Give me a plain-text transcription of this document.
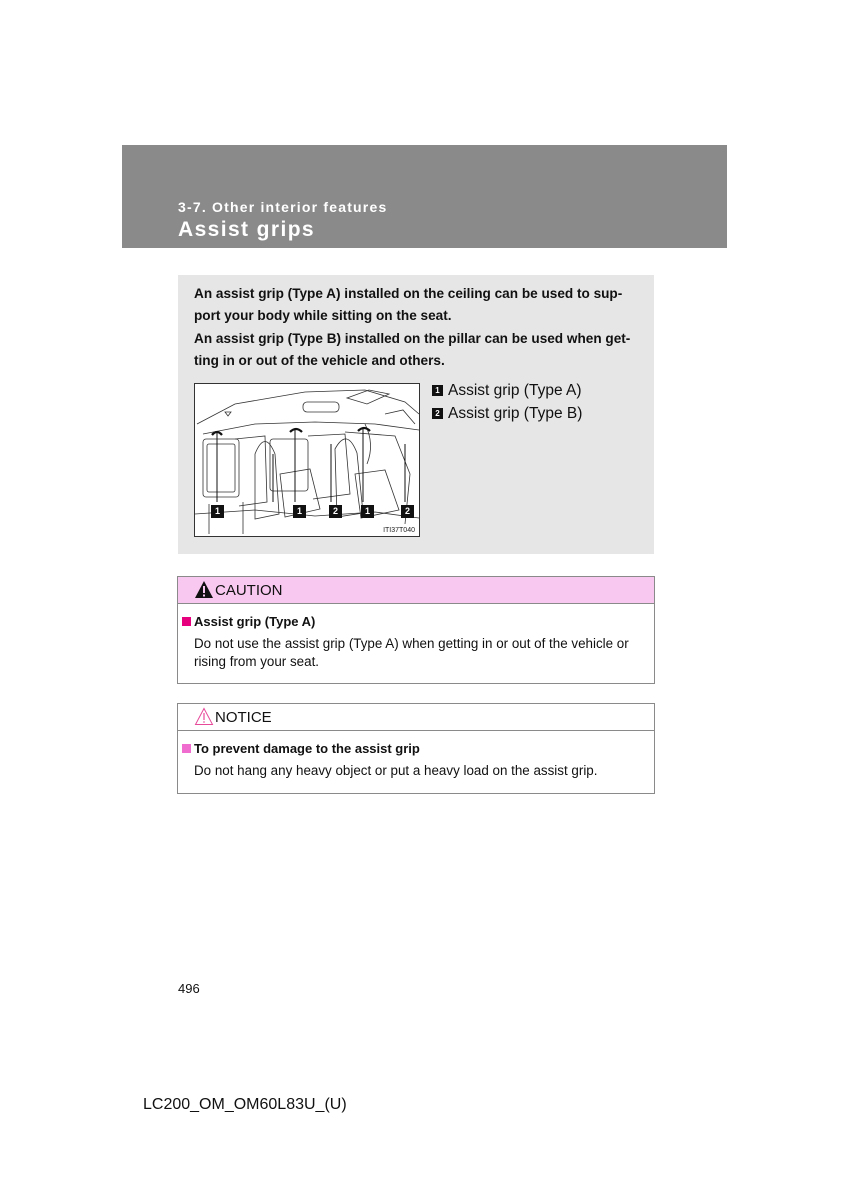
3-7. Other interior features
Assist grips

An assist grip (Type A) installed on the ceiling can be used to sup- port your body while sitting on the seat.

An assist grip (Type B) installed on the pillar can be used when get- ting in or out of the vehicle and others.

1	1	2	1	2
ITI37T040
1 Assist grip (Type A)
2 Assist grip (Type B)
CAUTION
Assist grip (Type A)

Do not use the assist grip (Type A) when getting in or out of the vehicle or rising from your seat.

NOTICE
To prevent damage to the assist grip

Do not hang any heavy object or put a heavy load on the assist grip.

496
LC200_OM_OM60L83U_(U)
